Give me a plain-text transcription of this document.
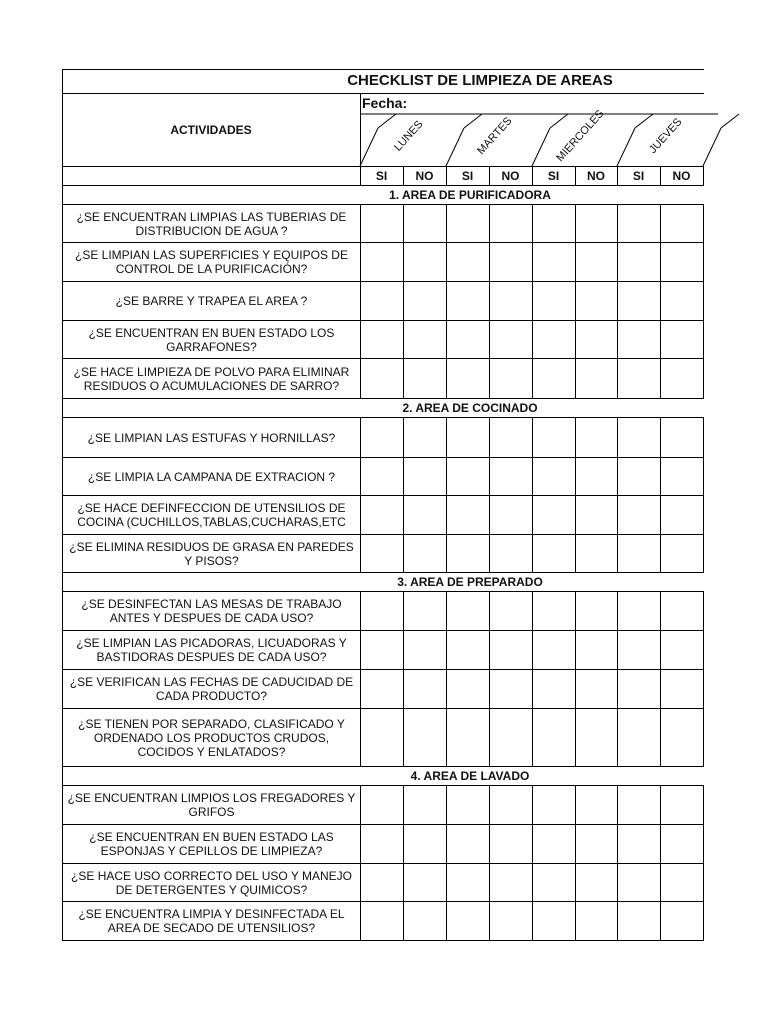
LUNES	MARTES	MIERCOLES	JUEVES
CHECKLIST DE LIMPIEZA DE AREAS
Fecha:
ACTIVIDADES
SI	NO	SI	NO	SI	NO	SI	NO
1. AREA DE PURIFICADORA
¿SE ENCUENTRAN LIMPIAS LAS TUBERIAS DE DISTRIBUCION DE AGUA ?
¿SE LIMPIAN LAS SUPERFICIES Y EQUIPOS DE CONTROL DE LA PURIFICACIÓN?
¿SE BARRE Y TRAPEA EL AREA ?
¿SE ENCUENTRAN EN BUEN ESTADO LOS GARRAFONES?
¿SE HACE LIMPIEZA DE POLVO PARA ELIMINAR RESIDUOS O ACUMULACIONES DE SARRO?
2. AREA DE COCINADO
¿SE LIMPIAN LAS ESTUFAS Y HORNILLAS?
¿SE LIMPIA LA CAMPANA DE EXTRACION ?
¿SE HACE DEFINFECCION DE UTENSILIOS DE COCINA (CUCHILLOS,TABLAS,CUCHARAS,ETC
¿SE ELIMINA RESIDUOS DE GRASA EN PAREDES Y PISOS?
3. AREA DE PREPARADO
¿SE DESINFECTAN LAS MESAS DE TRABAJO ANTES Y DESPUES DE CADA USO?
¿SE LIMPIAN LAS PICADORAS, LICUADORAS Y BASTIDORAS DESPUES DE CADA USO?
¿SE VERIFICAN LAS FECHAS DE CADUCIDAD DE CADA PRODUCTO?
¿SE TIENEN POR SEPARADO, CLASIFICADO Y ORDENADO LOS PRODUCTOS CRUDOS, COCIDOS Y ENLATADOS?
4. AREA DE LAVADO
¿SE ENCUENTRAN LIMPIOS LOS FREGADORES Y GRIFOS
¿SE ENCUENTRAN EN BUEN ESTADO LAS ESPONJAS Y CEPILLOS DE LIMPIEZA?
¿SE HACE USO CORRECTO DEL USO Y MANEJO DE DETERGENTES Y QUIMICOS?
¿SE ENCUENTRA LIMPIA Y DESINFECTADA EL AREA DE SECADO DE UTENSILIOS?
